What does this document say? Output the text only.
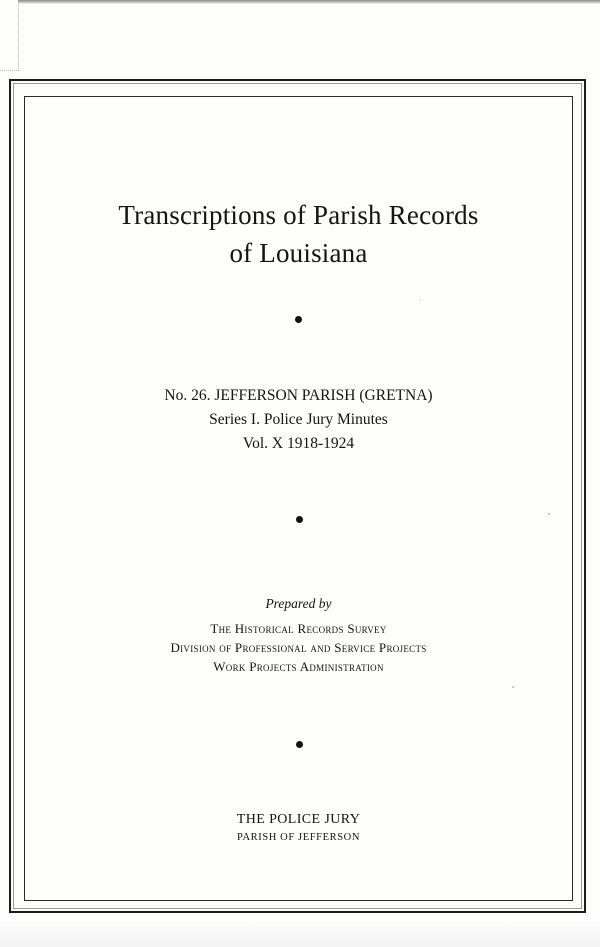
Transcriptions of Parish Records
of Louisiana
No. 26. JEFFERSON PARISH (GRETNA)
Series I. Police Jury Minutes
Vol. X 1918-1924
Prepared by
The Historical Records Survey
Division of Professional and Service Projects
Work Projects Administration
THE POLICE JURY
PARISH OF JEFFERSON
